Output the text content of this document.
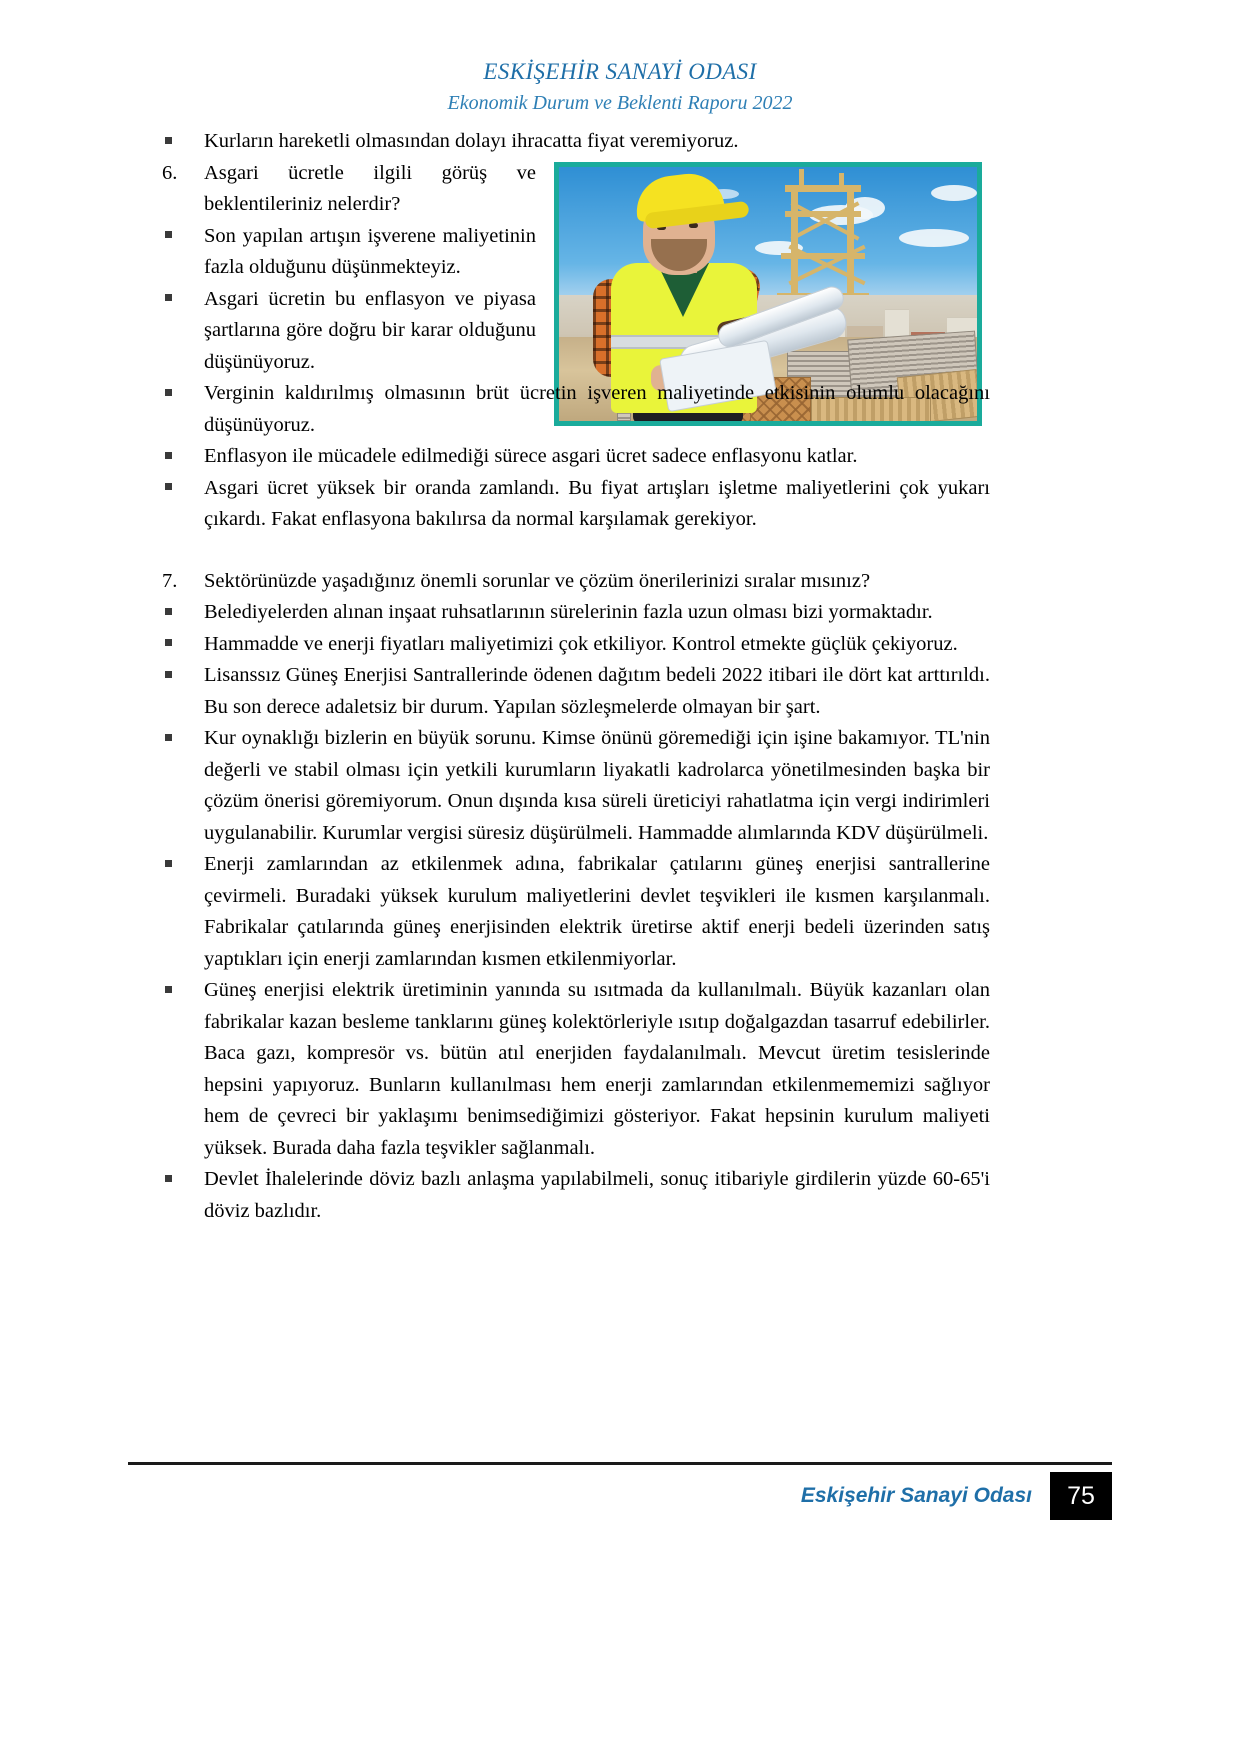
ESKİŞEHİR SANAYİ ODASI
Ekonomik Durum ve Beklenti Raporu 2022
Kurların hareketli olmasından dolayı ihracatta fiyat veremiyoruz.
6.	Asgari ücretle ilgili görüş ve beklentileriniz nelerdir?
Son yapılan artışın işverene maliyetinin fazla olduğunu düşünmekteyiz.
Asgari ücretin bu enflasyon ve piyasa şartlarına göre doğru bir karar olduğunu düşünüyoruz.
Verginin kaldırılmış olmasının brüt ücretin işveren maliyetinde etkisinin olumlu olacağını düşünüyoruz.
Enflasyon ile mücadele edilmediği sürece asgari ücret sadece enflasyonu katlar.
Asgari ücret yüksek bir oranda zamlandı. Bu fiyat artışları işletme maliyetlerini çok yukarı çıkardı. Fakat enflasyona bakılırsa da normal karşılamak gerekiyor.
7.	Sektörünüzde yaşadığınız önemli sorunlar ve çözüm önerilerinizi sıralar mısınız?
Belediyelerden alınan inşaat ruhsatlarının sürelerinin fazla uzun olması bizi yormaktadır.
Hammadde ve enerji fiyatları maliyetimizi çok etkiliyor. Kontrol etmekte güçlük çekiyoruz.
Lisanssız Güneş Enerjisi Santrallerinde ödenen dağıtım bedeli 2022 itibari ile dört kat arttırıldı. Bu son derece adaletsiz bir durum. Yapılan sözleşmelerde olmayan bir şart.
Kur oynaklığı bizlerin en büyük sorunu. Kimse önünü göremediği için işine bakamıyor. TL'nin değerli ve stabil olması için yetkili kurumların liyakatli kadrolarca yönetilmesinden başka bir çözüm önerisi göremiyorum. Onun dışında kısa süreli üreticiyi rahatlatma için vergi indirimleri uygulanabilir. Kurumlar vergisi süresiz düşürülmeli. Hammadde alımlarında KDV düşürülmeli.
Enerji zamlarından az etkilenmek adına, fabrikalar çatılarını güneş enerjisi santrallerine çevirmeli. Buradaki yüksek kurulum maliyetlerini devlet teşvikleri ile kısmen karşılanmalı. Fabrikalar çatılarında güneş enerjisinden elektrik üretirse aktif enerji bedeli üzerinden satış yaptıkları için enerji zamlarından kısmen etkilenmiyorlar.
Güneş enerjisi elektrik üretiminin yanında su ısıtmada da kullanılmalı. Büyük kazanları olan fabrikalar kazan besleme tanklarını güneş kolektörleriyle ısıtıp doğalgazdan tasarruf edebilirler. Baca gazı, kompresör vs. bütün atıl enerjiden faydalanılmalı. Mevcut üretim tesislerinde hepsini yapıyoruz. Bunların kullanılması hem enerji zamlarından etkilenmememizi sağlıyor hem de çevreci bir yaklaşımı benimsediğimizi gösteriyor. Fakat hepsinin kurulum maliyeti yüksek. Burada daha fazla teşvikler sağlanmalı.
Devlet İhalelerinde döviz bazlı anlaşma yapılabilmeli, sonuç itibariyle girdilerin yüzde 60-65'i döviz bazlıdır.
Eskişehir Sanayi Odası	75
